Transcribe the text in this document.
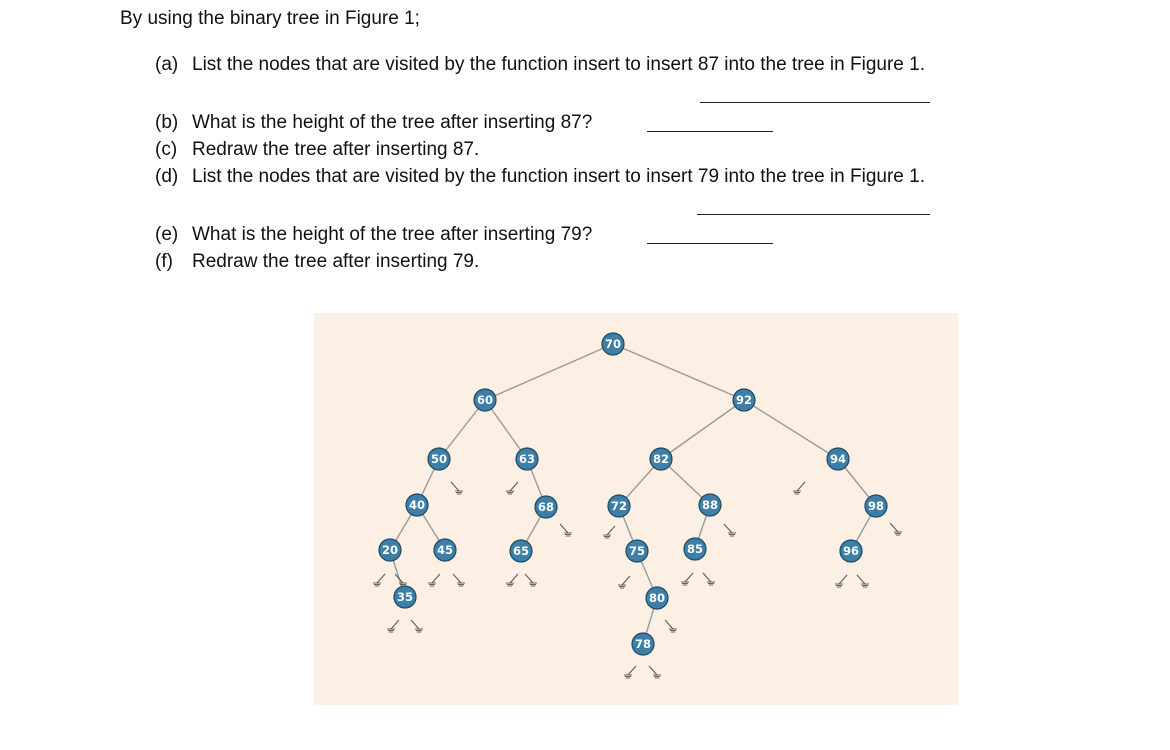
By using the binary tree in Figure 1;
(a) List the nodes that are visited by the function insert to insert 87 into the tree in Figure 1.
(b) What is the height of the tree after inserting 87?
(c) Redraw the tree after inserting 87.
(d) List the nodes that are visited by the function insert to insert 79 into the tree in Figure 1.
(e) What is the height of the tree after inserting 79?
(f) Redraw the tree after inserting 79.
70
60	92
50	63	82	94
40	68	72	88	98
20	45	65	75	85	96
35	80
78
